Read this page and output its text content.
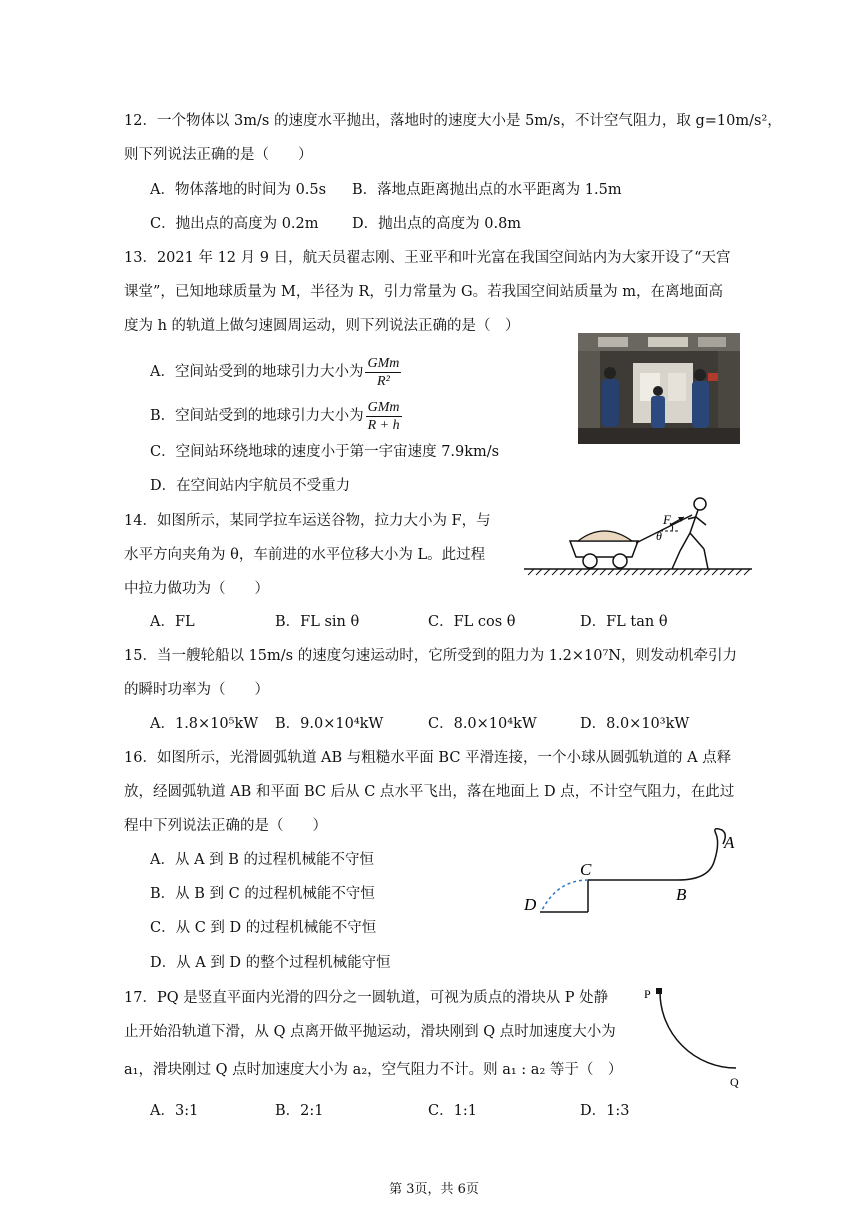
12．一个物体以 3m/s 的速度水平抛出，落地时的速度大小是 5m/s，不计空气阻力，取 g=10m/s²，
则下列说法正确的是（　　）
A．物体落地的时间为 0.5s B．落地点距离抛出点的水平距离为 1.5m
C．抛出点的高度为 0.2m D．抛出点的高度为 0.8m
13．2021 年 12 月 9 日，航天员翟志刚、王亚平和叶光富在我国空间站内为大家开设了“天宫
课堂”，已知地球质量为 M，半径为 R，引力常量为 G。若我国空间站质量为 m，在离地面高
度为 h 的轨道上做匀速圆周运动，则下列说法正确的是（　）
A．空间站受到的地球引力大小为 $\frac{\text{GMm}}{\text{R²}}$
B．空间站受到的地球引力大小为 $\frac{\text{GMm}}{R + h}$
C．空间站环绕地球的速度小于第一宇宙速度 7.9km/s
D．在空间站内宇航员不受重力
14．如图所示，某同学拉车运送谷物，拉力大小为 F，与
水平方向夹角为 θ，车前进的水平位移大小为 L。此过程
中拉力做功为（　　）
A．FL	B．FL sin θ	C．FL cos θ	D．FL tan θ
F
θ
15．当一艘轮船以 15m/s 的速度匀速运动时，它所受到的阻力为 1.2×10⁷N，则发动机牵引力
的瞬时功率为（　　）
A．1.8×10⁵kW B．9.0×10⁴kW	C．8.0×10⁴kW	D．8.0×10³kW
16．如图所示，光滑圆弧轨道 AB 与粗糙水平面 BC 平滑连接，一个小球从圆弧轨道的 A 点释
放，经圆弧轨道 AB 和平面 BC 后从 C 点水平飞出，落在地面上 D 点，不计空气阻力，在此过
程中下列说法正确的是（　　）
A．从 A 到 B 的过程机械能不守恒
B．从 B 到 C 的过程机械能不守恒
C．从 C 到 D 的过程机械能不守恒
D．从 A 到 D 的整个过程机械能守恒
C
B
A
D
17．PQ 是竖直平面内光滑的四分之一圆轨道，可视为质点的滑块从 P 处静
止开始沿轨道下滑，从 Q 点离开做平抛运动，滑块刚到 Q 点时加速度大小为
a₁，滑块刚过 Q 点时加速度大小为 a₂，空气阻力不计。则 a₁ : a₂ 等于（　）
A．3:1	B．2:1	C．1:1	D．1:3
P
Q
第 3页，共 6页
